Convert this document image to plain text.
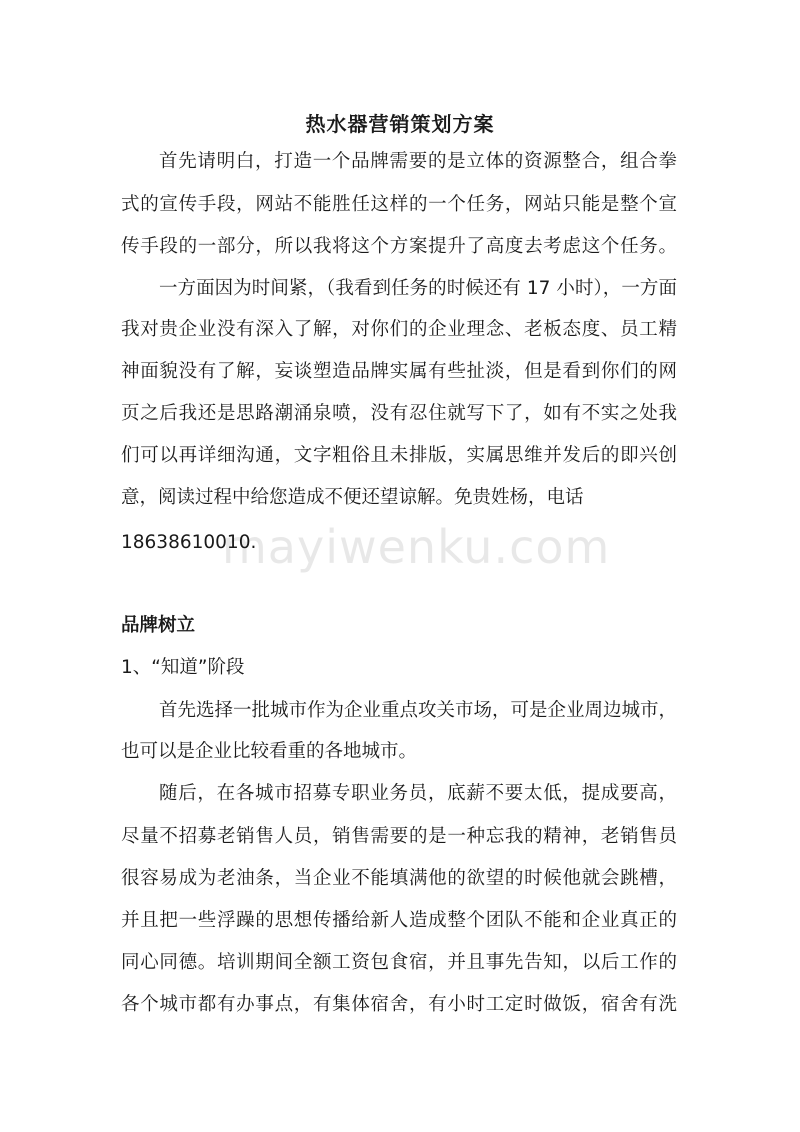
热水器营销策划方案
首先请明白，打造一个品牌需要的是立体的资源整合，组合拳
式的宣传手段，网站不能胜任这样的一个任务，网站只能是整个宣
传手段的一部分，所以我将这个方案提升了高度去考虑这个任务。
一方面因为时间紧，（我看到任务的时候还有 17 小时），一方面
我对贵企业没有深入了解，对你们的企业理念、老板态度、员工精
神面貌没有了解，妄谈塑造品牌实属有些扯淡，但是看到你们的网
页之后我还是思路潮涌泉喷，没有忍住就写下了，如有不实之处我
们可以再详细沟通，文字粗俗且未排版，实属思维并发后的即兴创
意，阅读过程中给您造成不便还望谅解。免贵姓杨，电话
18638610010.
品牌树立
1、“知道”阶段
首先选择一批城市作为企业重点攻关市场，可是企业周边城市，
也可以是企业比较看重的各地城市。
随后，在各城市招募专职业务员，底薪不要太低，提成要高，
尽量不招募老销售人员，销售需要的是一种忘我的精神，老销售员
很容易成为老油条，当企业不能填满他的欲望的时候他就会跳槽，
并且把一些浮躁的思想传播给新人造成整个团队不能和企业真正的
同心同德。培训期间全额工资包食宿，并且事先告知，以后工作的
各个城市都有办事点，有集体宿舍，有小时工定时做饭，宿舍有洗
mayiwenku.com
